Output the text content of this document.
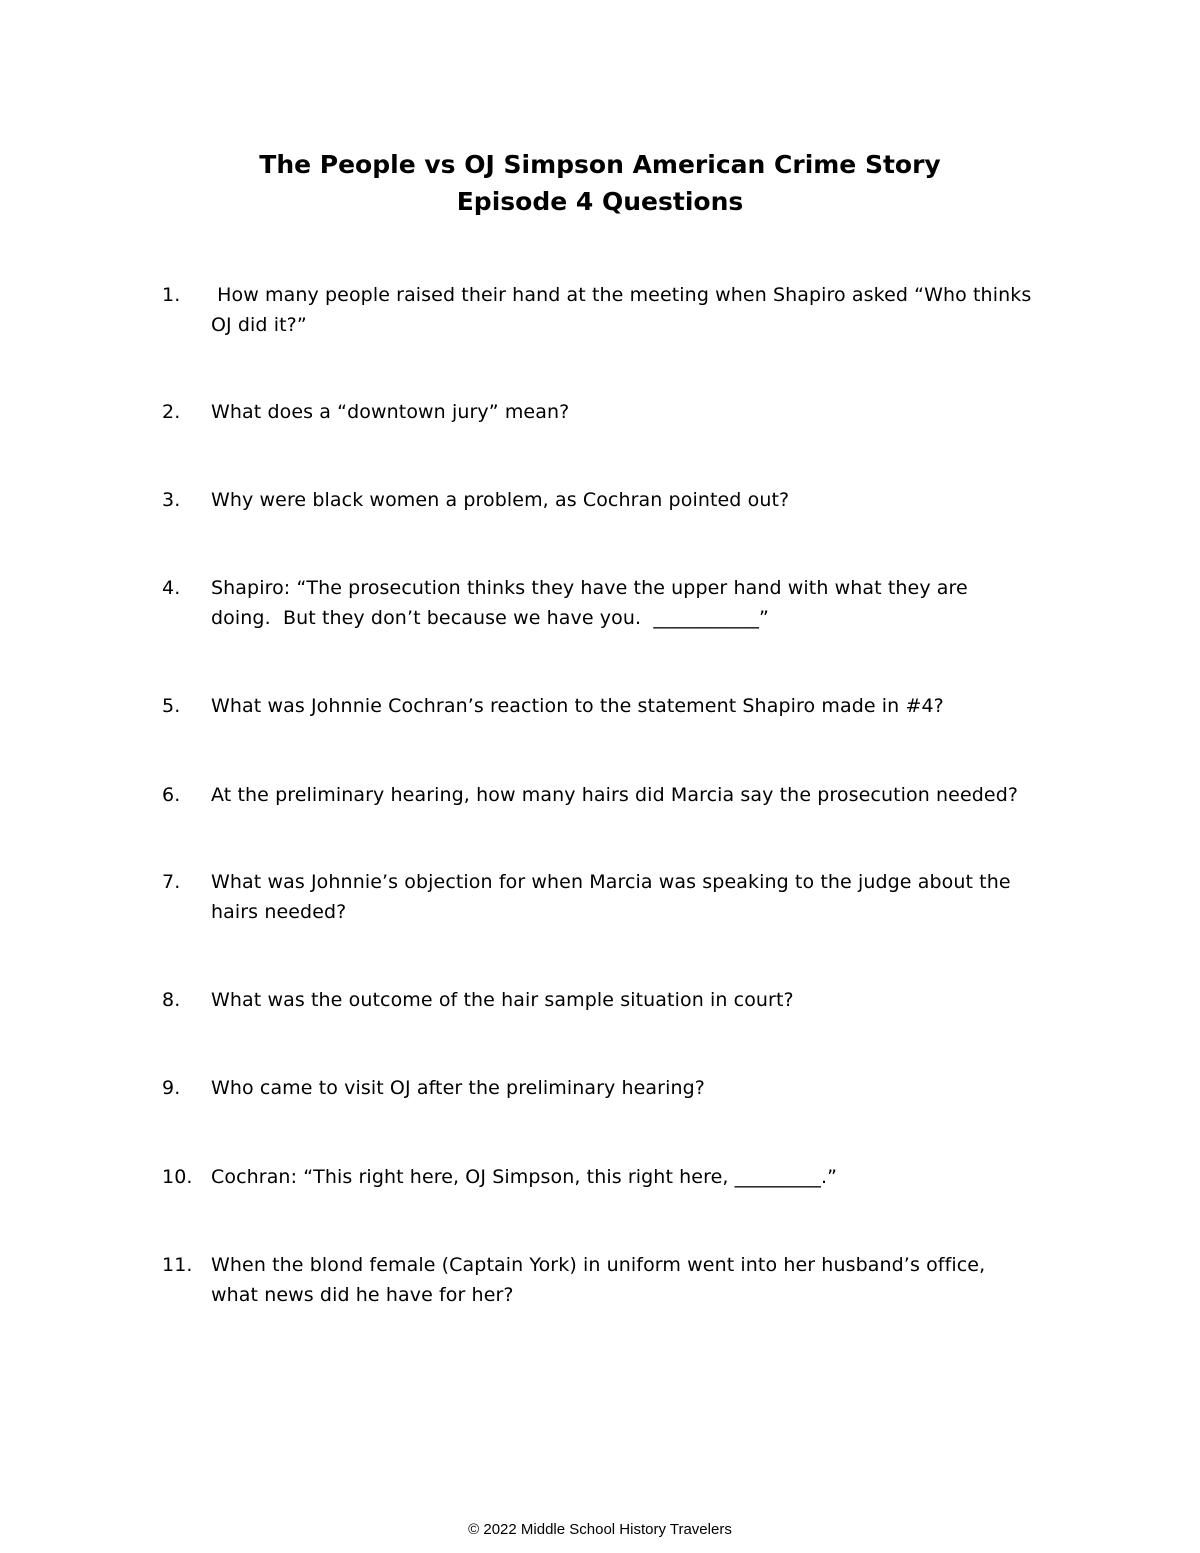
The People vs OJ Simpson American Crime Story
Episode 4 Questions
1. How many people raised their hand at the meeting when Shapiro asked “Who thinks
OJ did it?”
2. What does a “downtown jury” mean?
3. Why were black women a problem, as Cochran pointed out?
4. Shapiro: “The prosecution thinks they have the upper hand with what they are
doing.  But they don’t because we have you.  ___________”
5. What was Johnnie Cochran’s reaction to the statement Shapiro made in #4?
6. At the preliminary hearing, how many hairs did Marcia say the prosecution needed?
7. What was Johnnie’s objection for when Marcia was speaking to the judge about the
hairs needed?
8. What was the outcome of the hair sample situation in court?
9. Who came to visit OJ after the preliminary hearing?
10. Cochran: “This right here, OJ Simpson, this right here, _________.”
11. When the blond female (Captain York) in uniform went into her husband’s office,
what news did he have for her?
© 2022 Middle School History Travelers
